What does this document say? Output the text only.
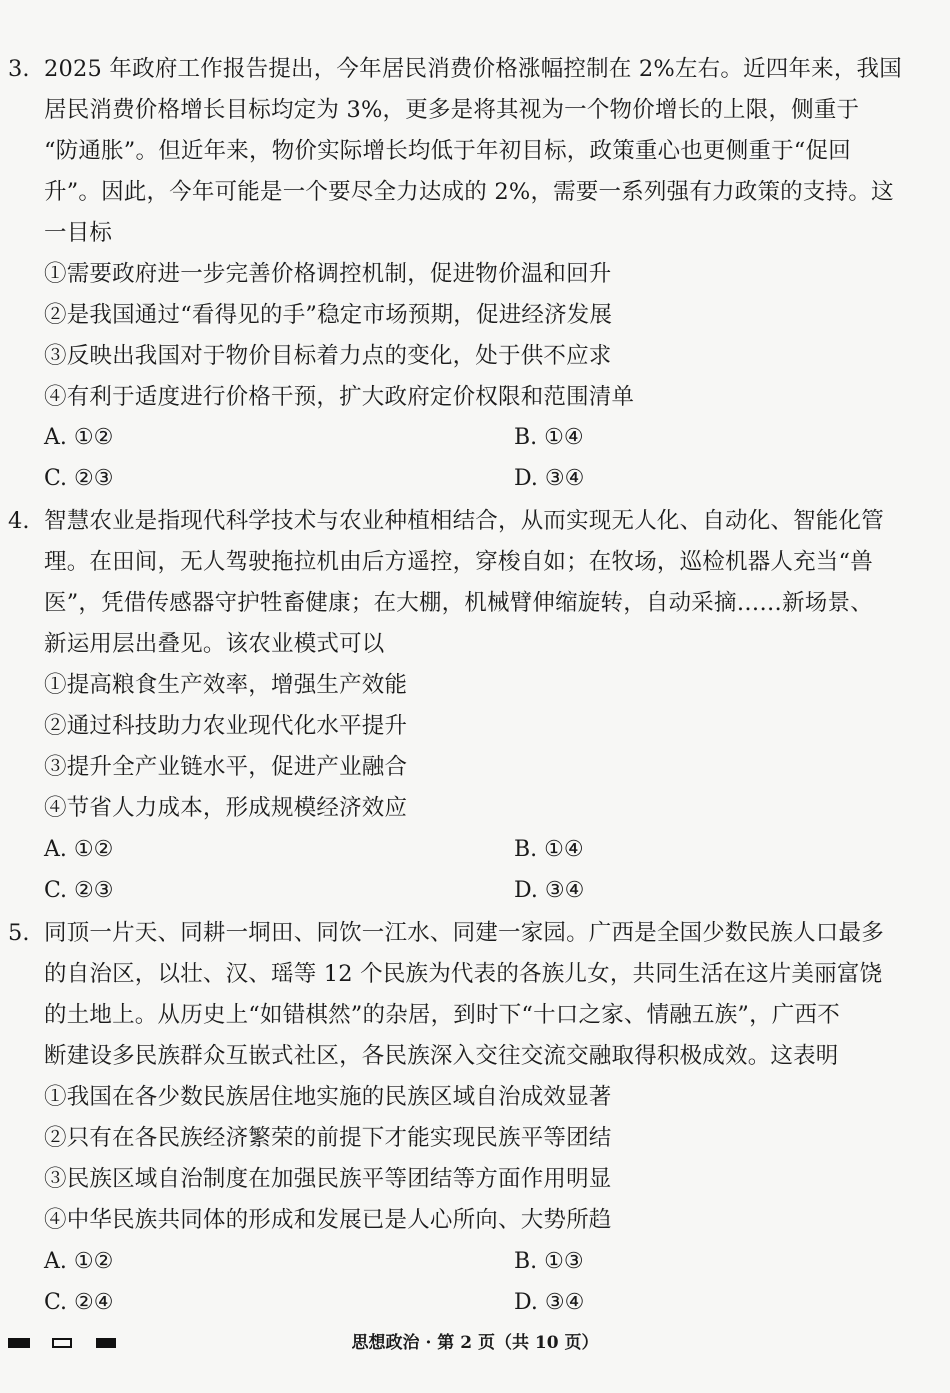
3. 2025 年政府工作报告提出，今年居民消费价格涨幅控制在 2%左右。近四年来，我国
居民消费价格增长目标均定为 3%，更多是将其视为一个物价增长的上限，侧重于
“防通胀”。但近年来，物价实际增长均低于年初目标，政策重心也更侧重于“促回
升”。因此，今年可能是一个要尽全力达成的 2%，需要一系列强有力政策的支持。这
一目标
①需要政府进一步完善价格调控机制，促进物价温和回升
②是我国通过“看得见的手”稳定市场预期，促进经济发展
③反映出我国对于物价目标着力点的变化，处于供不应求
④有利于适度进行价格干预，扩大政府定价权限和范围清单
A. ①②	B. ①④
C. ②③	D. ③④
4. 智慧农业是指现代科学技术与农业种植相结合，从而实现无人化、自动化、智能化管
理。在田间，无人驾驶拖拉机由后方遥控，穿梭自如；在牧场，巡检机器人充当“兽
医”，凭借传感器守护牲畜健康；在大棚，机械臂伸缩旋转，自动采摘……新场景、
新运用层出叠见。该农业模式可以
①提高粮食生产效率，增强生产效能
②通过科技助力农业现代化水平提升
③提升全产业链水平，促进产业融合
④节省人力成本，形成规模经济效应
A. ①②	B. ①④
C. ②③	D. ③④
5. 同顶一片天、同耕一垌田、同饮一江水、同建一家园。广西是全国少数民族人口最多
的自治区，以壮、汉、瑶等 12 个民族为代表的各族儿女，共同生活在这片美丽富饶
的土地上。从历史上“如错棋然”的杂居，到时下“十口之家、情融五族”，广西不
断建设多民族群众互嵌式社区，各民族深入交往交流交融取得积极成效。这表明
①我国在各少数民族居住地实施的民族区域自治成效显著
②只有在各民族经济繁荣的前提下才能实现民族平等团结
③民族区域自治制度在加强民族平等团结等方面作用明显
④中华民族共同体的形成和发展已是人心所向、大势所趋
A. ①②	B. ①③
C. ②④	D. ③④
思想政治 · 第 2 页（共 10 页）
